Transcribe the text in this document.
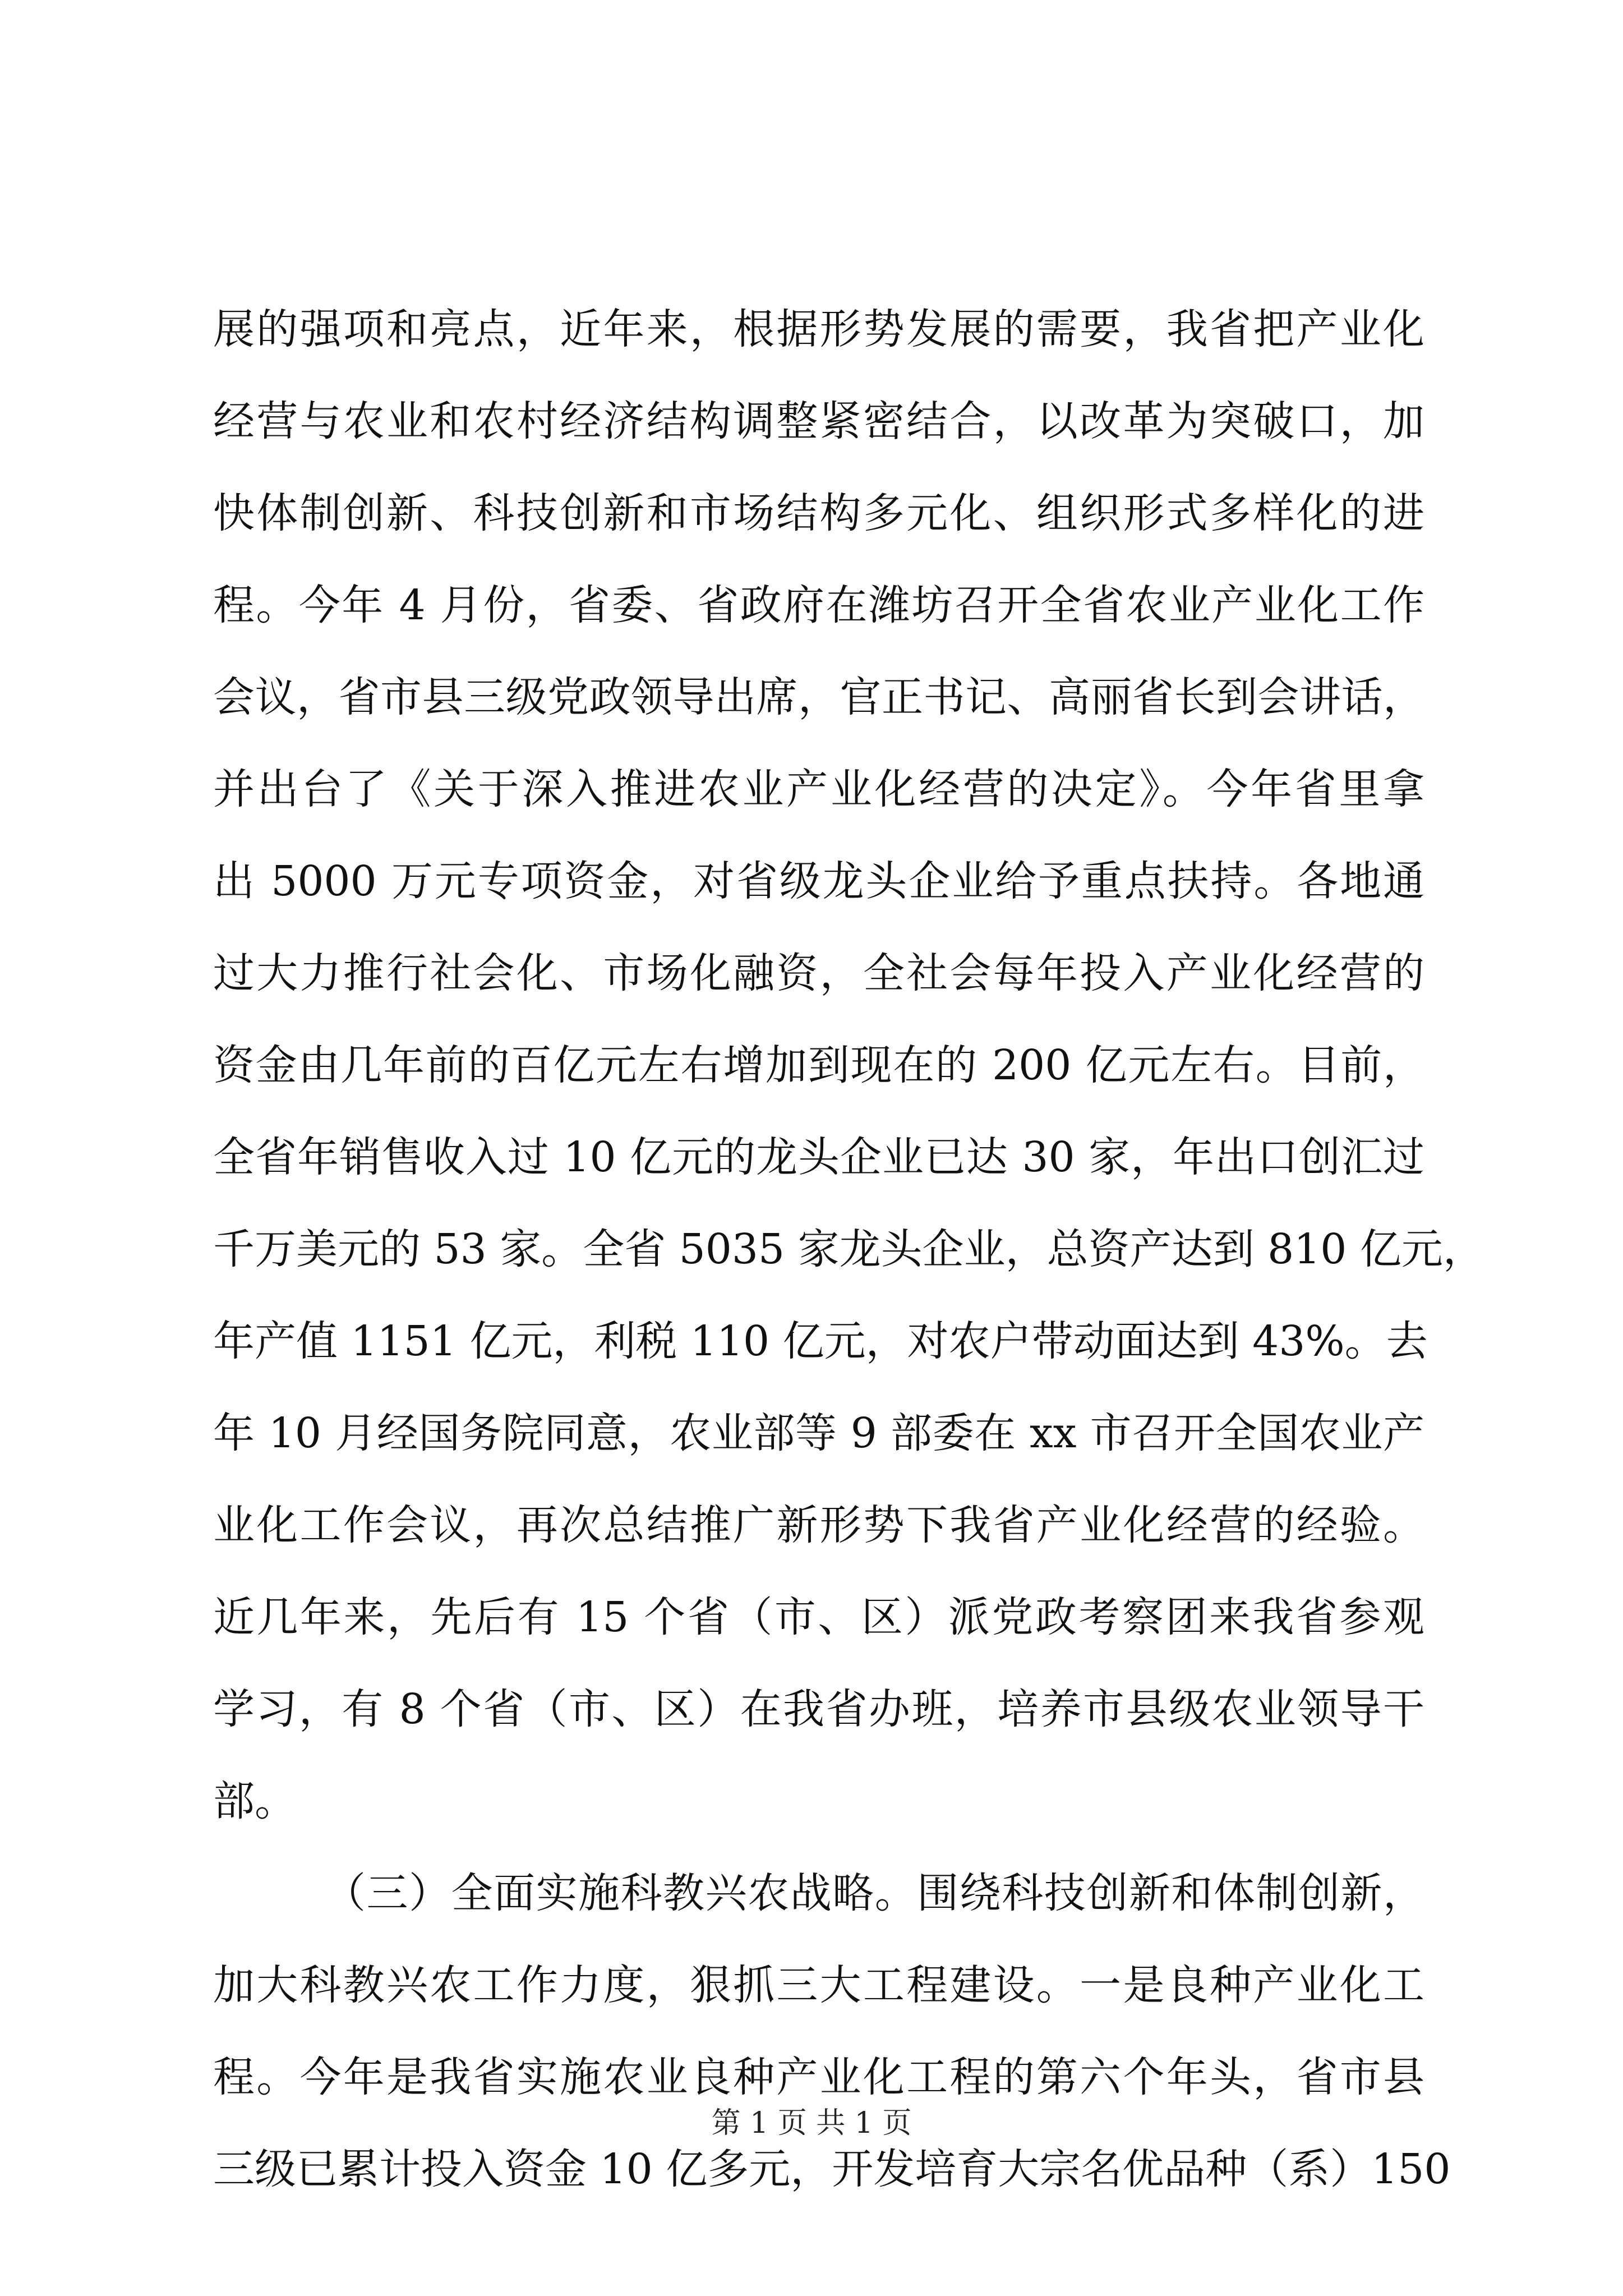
展的强项和亮点，近年来，根据形势发展的需要，我省把产业化
经营与农业和农村经济结构调整紧密结合，以改革为突破口，加
快体制创新、科技创新和市场结构多元化、组织形式多样化的进
程。今年 4 月份，省委、省政府在潍坊召开全省农业产业化工作
会议，省市县三级党政领导出席，官正书记、高丽省长到会讲话，
并出台了《关于深入推进农业产业化经营的决定》。今年省里拿
出 5000 万元专项资金，对省级龙头企业给予重点扶持。各地通
过大力推行社会化、市场化融资，全社会每年投入产业化经营的
资金由几年前的百亿元左右增加到现在的 200 亿元左右。目前，
全省年销售收入过 10 亿元的龙头企业已达 30 家，年出口创汇过
千万美元的 53 家。全省 5035 家龙头企业，总资产达到 810 亿元，
年产值 1151 亿元，利税 110 亿元，对农户带动面达到 43%。去
年 10 月经国务院同意，农业部等 9 部委在 xx 市召开全国农业产
业化工作会议，再次总结推广新形势下我省产业化经营的经验。
近几年来，先后有 15 个省（市、区）派党政考察团来我省参观
学习，有 8 个省（市、区）在我省办班，培养市县级农业领导干
部。
（三）全面实施科教兴农战略。围绕科技创新和体制创新，
加大科教兴农工作力度，狠抓三大工程建设。一是良种产业化工
程。今年是我省实施农业良种产业化工程的第六个年头，省市县
三级已累计投入资金 10 亿多元，开发培育大宗名优品种（系）150
第 1 页 共 1 页
